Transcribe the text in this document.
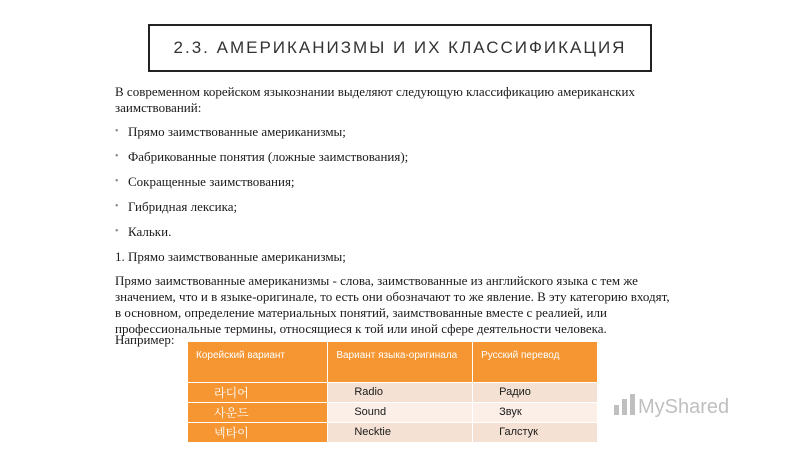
2.3. АМЕРИКАНИЗМЫ И ИХ КЛАССИФИКАЦИЯ

В современном корейском языкознании выделяют следующую классификацию американских заимствований:

• Прямо заимствованные американизмы;
• Фабрикованные понятия (ложные заимствования);
• Сокращенные заимствования;
• Гибридная лексика;
• Кальки.

1. Прямо заимствованные американизмы;

Прямо заимствованные американизмы - слова, заимствованные из английского языка с тем же значением, что и в языке-оригинале, то есть они обозначают то же явление. В эту категорию входят, в основном, определение материальных понятий, заимствованные вместе с реалией, или профессиональные термины, относящиеся к той или иной сфере деятельности человека.

Например:
Корейский вариант	Вариант языка-оригинала	Русский перевод
라디어	Radio	Радио
사운드	Sound	Звук
넥타이	Necktie	Галстук
MyShared
